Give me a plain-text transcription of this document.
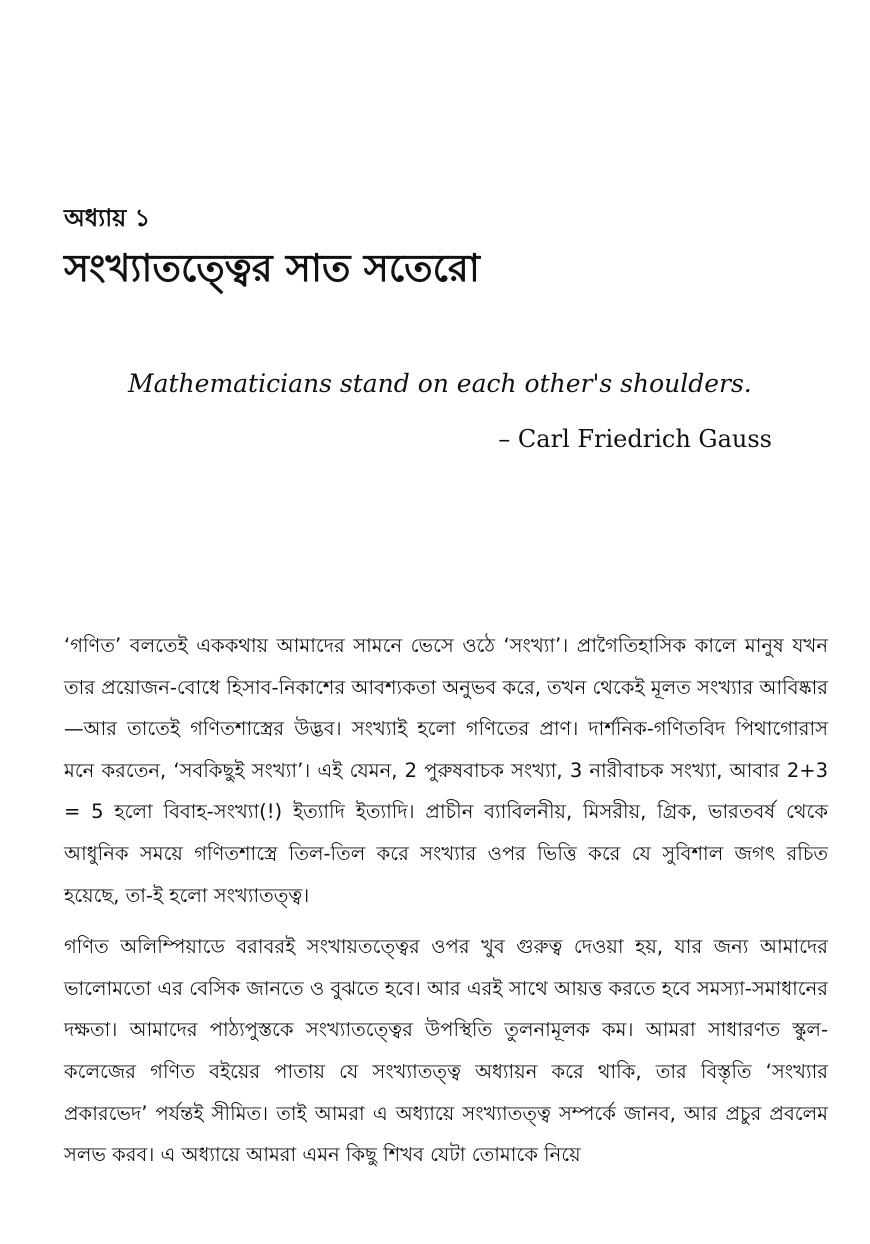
অধ্যায় ১
সংখ্যাতত্ত্বের সাত সতেরো
Mathematicians stand on each other's shoulders.
– Carl Friedrich Gauss

‘গণিত’ বলতেই এককথায় আমাদের সামনে ভেসে ওঠে ‘সংখ্যা’। প্রাগৈতিহাসিক কালে মানুষ যখন তার প্রয়োজন-বোধে হিসাব-নিকাশের আবশ্যকতা অনুভব করে, তখন থেকেই মূলত সংখ্যার আবিষ্কার—আর তাতেই গণিতশাস্ত্রের উদ্ভব। সংখ্যাই হলো গণিতের প্রাণ। দার্শনিক-গণিতবিদ পিথাগোরাস মনে করতেন, ‘সবকিছুই সংখ্যা’। এই যেমন, 2 পুরুষবাচক সংখ্যা, 3 নারীবাচক সংখ্যা, আবার 2+3 = 5 হলো বিবাহ-সংখ্যা(!) ইত্যাদি ইত্যাদি। প্রাচীন ব্যাবিলনীয়, মিসরীয়, গ্রিক, ভারতবর্ষ থেকে আধুনিক সময়ে গণিতশাস্ত্রে তিল-তিল করে সংখ্যার ওপর ভিত্তি করে যে সুবিশাল জগৎ রচিত হয়েছে, তা-ই হলো সংখ্যাতত্ত্ব।

গণিত অলিম্পিয়াডে বরাবরই সংখায়তত্ত্বের ওপর খুব গুরুত্ব দেওয়া হয়, যার জন্য আমাদের ভালোমতো এর বেসিক জানতে ও বুঝতে হবে। আর এরই সাথে আয়ত্ত করতে হবে সমস্যা-সমাধানের দক্ষতা। আমাদের পাঠ্যপুস্তকে সংখ্যাতত্ত্বের উপস্থিতি তুলনামূলক কম। আমরা সাধারণত স্কুল-কলেজের গণিত বইয়ের পাতায় যে সংখ্যাতত্ত্ব অধ্যায়ন করে থাকি, তার বিস্তৃতি ‘সংখ্যার প্রকারভেদ’ পর্যন্তই সীমিত। তাই আমরা এ অধ্যায়ে সংখ্যাতত্ত্ব সম্পর্কে জানব, আর প্রচুর প্রবলেম সলভ করব। এ অধ্যায়ে আমরা এমন কিছু শিখব যেটা তোমাকে নিয়ে
